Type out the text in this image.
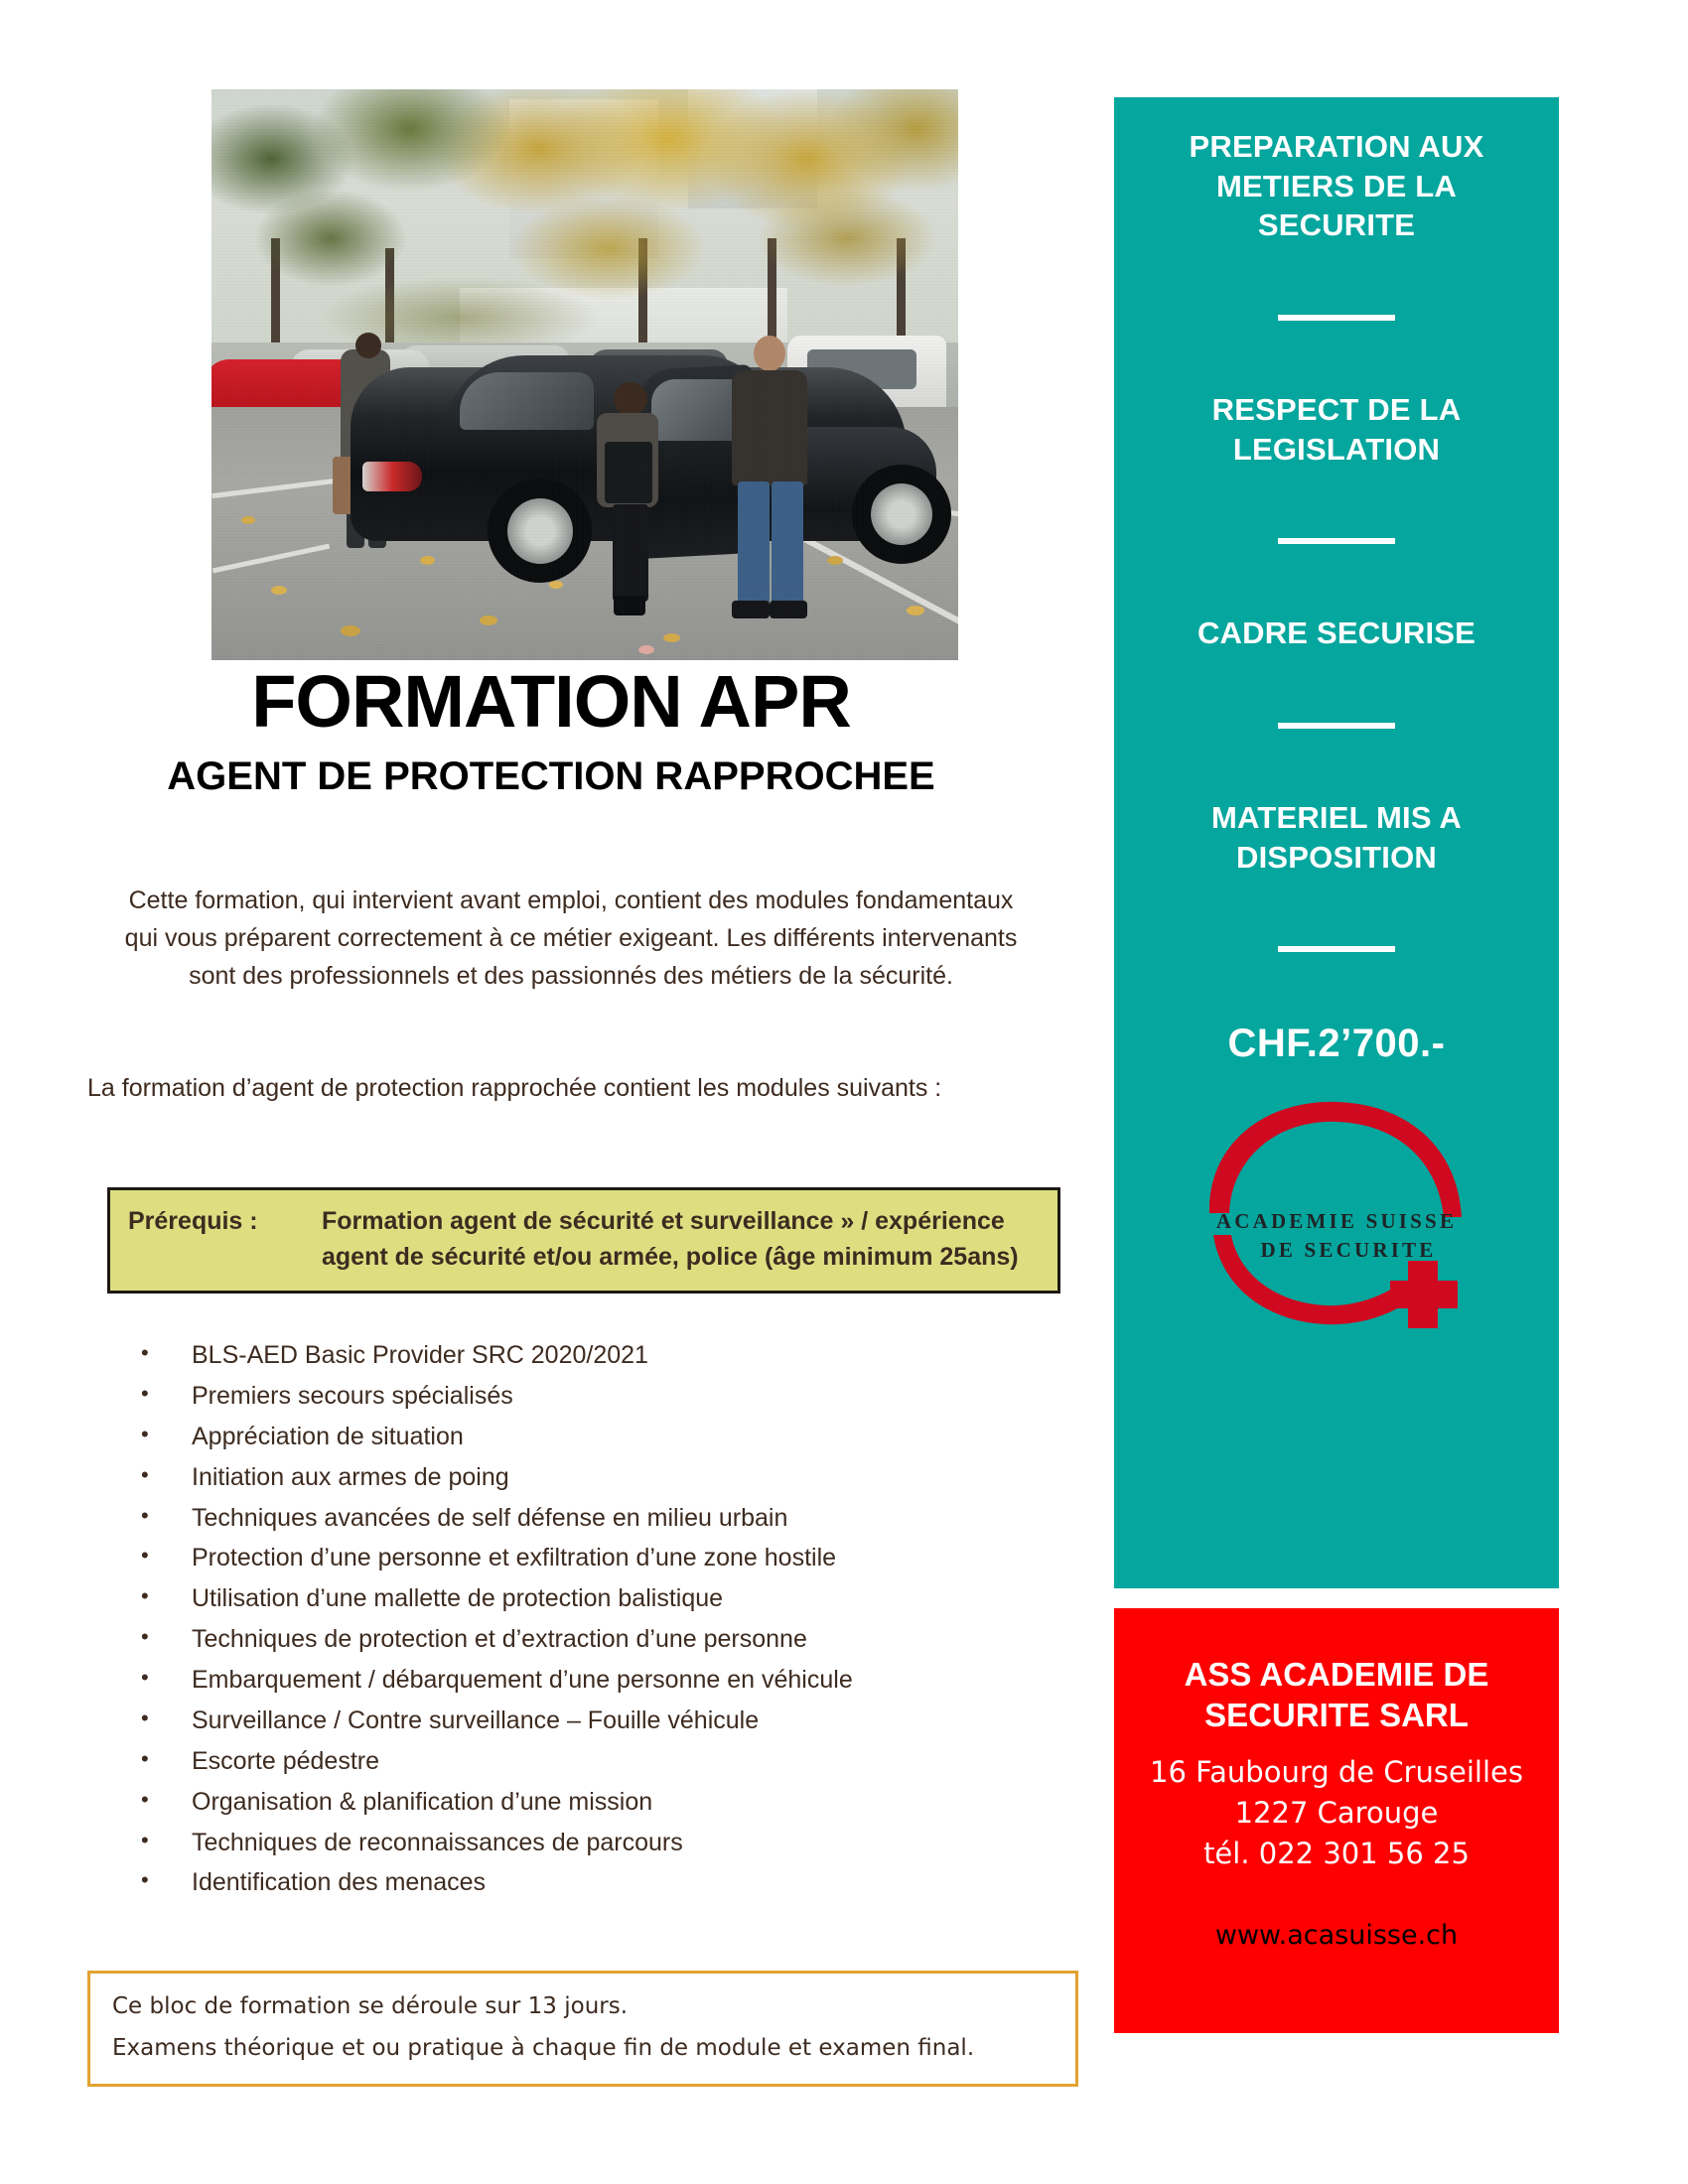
FORMATION APR
AGENT DE PROTECTION RAPPROCHEE
Cette formation, qui intervient avant emploi, contient des modules fondamentaux qui vous préparent correctement à ce métier exigeant. Les différents intervenants sont des professionnels et des passionnés des métiers de la sécurité.
La formation d’agent de protection rapprochée contient les modules suivants :
Prérequis :	Formation agent de sécurité et surveillance » / expérience agent de sécurité et/ou armée, police (âge minimum 25ans)
• BLS-AED Basic Provider SRC 2020/2021
• Premiers secours spécialisés
• Appréciation de situation
• Initiation aux armes de poing
• Techniques avancées de self défense en milieu urbain
• Protection d’une personne et exfiltration d’une zone hostile
• Utilisation d’une mallette de protection balistique
• Techniques de protection et d’extraction d’une personne
• Embarquement / débarquement d’une personne en véhicule
• Surveillance / Contre surveillance – Fouille véhicule
• Escorte pédestre
• Organisation & planification d’une mission
• Techniques de reconnaissances de parcours
• Identification des menaces

Ce bloc de formation se déroule sur 13 jours.

Examens théorique et ou pratique à chaque fin de module et examen final.

PREPARATION AUX METIERS DE LA SECURITE
RESPECT DE LA LEGISLATION
CADRE SECURISE
MATERIEL MIS A DISPOSITION
CHF.2’700.-
ACADEMIE SUISSE
DE SECURITE
ASS ACADEMIE DE SECURITE SARL
16 Faubourg de Cruseilles
1227 Carouge
tél. 022 301 56 25
www.acasuisse.ch
